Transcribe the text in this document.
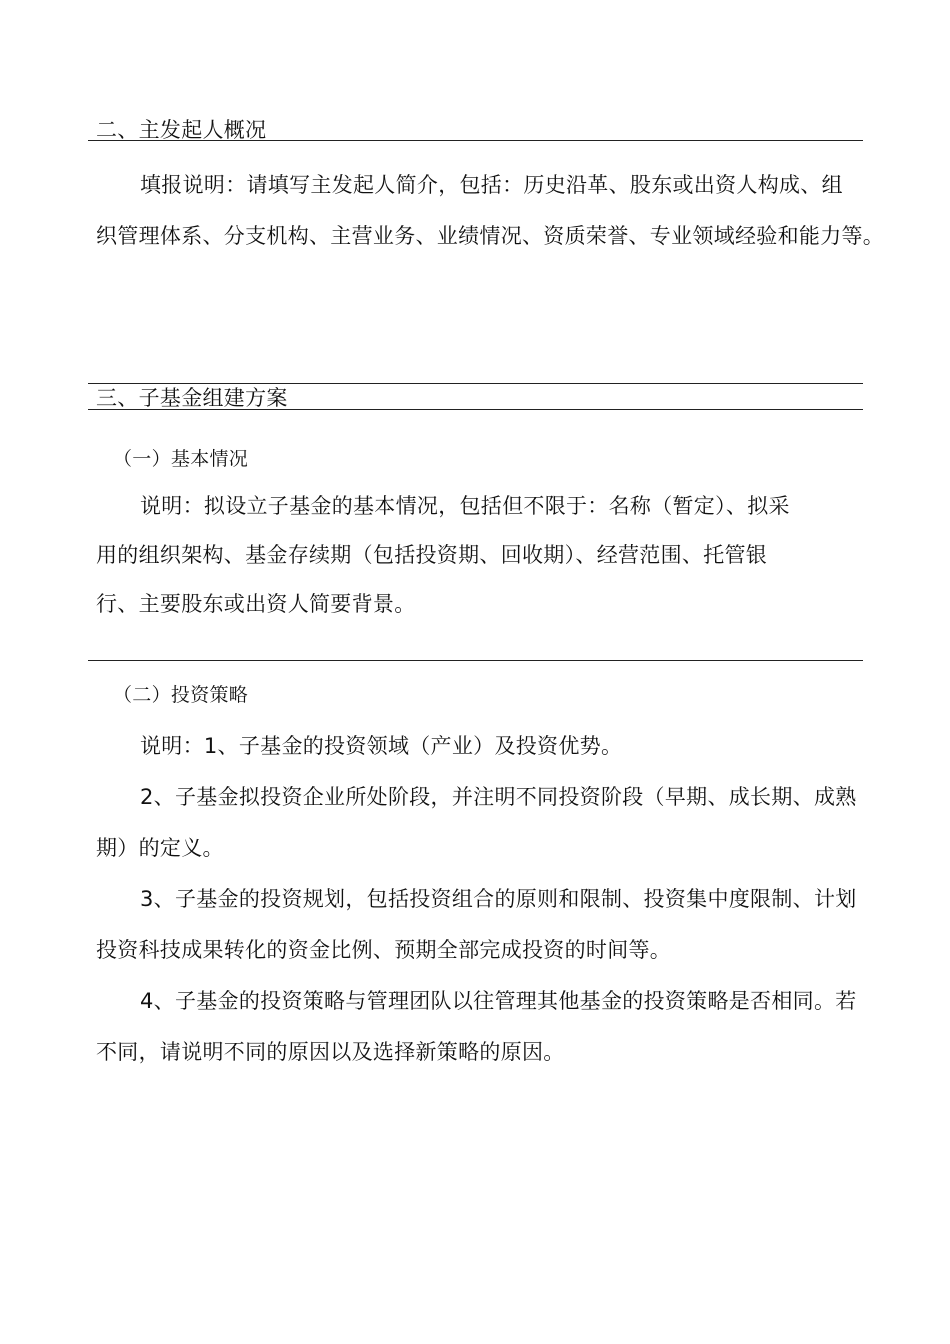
二、主发起人概况
填报说明：请填写主发起人简介，包括：历史沿革、股东或出资人构成、组
织管理体系、分支机构、主营业务、业绩情况、资质荣誉、专业领域经验和能力等。
三、子基金组建方案
（一）基本情况
说明：拟设立子基金的基本情况，包括但不限于：名称（暂定）、拟采
用的组织架构、基金存续期（包括投资期、回收期）、经营范围、托管银
行、主要股东或出资人简要背景。
（二）投资策略
说明：1、子基金的投资领域（产业）及投资优势。
2、子基金拟投资企业所处阶段，并注明不同投资阶段（早期、成长期、成熟
期）的定义。
3、子基金的投资规划，包括投资组合的原则和限制、投资集中度限制、计划
投资科技成果转化的资金比例、预期全部完成投资的时间等。
4、子基金的投资策略与管理团队以往管理其他基金的投资策略是否相同。若
不同，请说明不同的原因以及选择新策略的原因。
